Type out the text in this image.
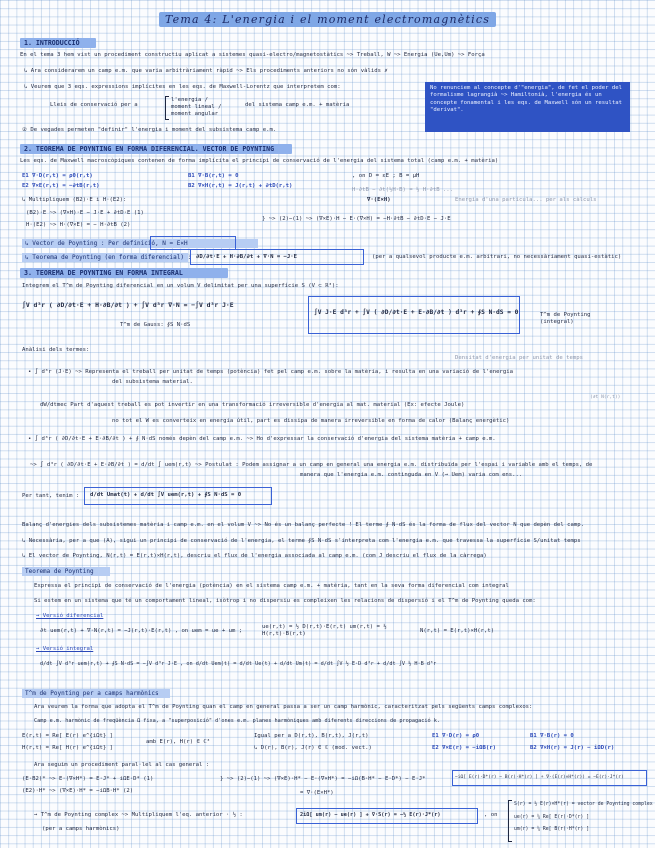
Tema 4: L'energia i el moment electromagnètics
1. INTRODUCCIÓ
En el tema 3 hem vist un procediment constructiu aplicat a sistemes quasi-electro/magnetostàtics ~> Treball, W ~> Energia (Ue,Um) ~> Força
↳ Ara considerarem un camp e.m. que varia arbitràriament ràpid ~> Els procediments anteriors no són vàlids ✗
↳ Veurem que 3 eqs. expressions implícites en les eqs. de Maxwell-Lorentz que interpretem com:
Lleis de conservació per a
l'energia / moment lineal / moment angular
del sistema camp e.m. + matèria
② De vegades permeten "definir" l'energia i moment del subsistema camp e.m.
No renunciem al concepte d'"energia", de fet el poder del formalisme lagrangià ~> Hamiltonià, l'energia és un concepte fonamental i les eqs. de Maxwell són un resultat "derivat".
2. TEOREMA DE POYNTING EN FORMA DIFERENCIAL. VECTOR DE POYNTING
Les eqs. de Maxwell macroscòpiques contenen de forma implícita el principi de conservació de l'energia del sistema total (camp e.m. + matèria)
E1 ∇·D(r,t) = ρ0(r,t)
E2 ∇×E(r,t) = −∂tB(r,t)
B1 ∇·B(r,t) = 0
B2 ∇×H(r,t) = J(r,t) + ∂tD(r,t)
, on D = εE ; B = μH
H·∂tB − ∂t(½H·B) = ½ H·∂tB ...
↳ Multipliquem (B2)·E i H·(E2):	∇·(E×H)	Energia d'una partícula... per als càlculs
(B2)·E ~> (∇×H)·E − J·E + ∂tD·E (1)
H·(E2) ~> H·(∇×E) = − H·∂tB (2)
} ~> (2)−(1) ~> (∇×E)·H − E·(∇×H) = −H·∂tB − ∂tD·E − J·E
↳ Vector de Poynting : Per definició, N = E×H
↳ Teorema de Poynting (en forma diferencial) : ∂D/∂t·E + H·∂B/∂t + ∇·N = −J·E	(per a qualsevol producte e.m. arbitrari, no necessàriament quasi-estàtic)
3. TEOREMA DE POYNTING EN FORMA INTEGRAL
Integrem el T^m de Poynting diferencial en un volum V delimitat per una superfície S (V ⊂ ℝ³):
∫V d³r ( ∂D/∂t·E + H·∂B/∂t ) + ∫V d³r ∇·N = −∫V d³r J·E
T^m de Gauss: ∮S N·dS
∫V J·E d³r + ∫V ( ∂D/∂t·E + E·∂B/∂t ) d³r + ∮S N·dS = 0	T^m de Poynting (integral)
Anàlisi dels termes:
Densitat d'energia per unitat de temps
• ∫ d³r (J·E) ~> Representa el treball per unitat de temps (potència) fet pel camp e.m. sobre la matèria, i resulta en una variació de l'energia
del subsistema material.
dW/dtmec Part d'aquest treball es pot invertir en una transformació irreversible d'energia al mat. material (Ex: efecte Joule)
no tot el W es converteix en energia útil, part es dissipa de manera irreversible en forma de calor (Balanç energètic)
• ∫ d³r ( ∂D/∂t·E + E·∂B/∂t ) + ∮ N·dS només depèn del camp e.m. ~> Ho d'expressar la conservació d'energia del sistema matèria + camp e.m.
~> ∫ d³r ( ∂D/∂t·E + E·∂B/∂t ) = d/dt ∫ uem(r,t) ~> Postulat : Podem assignar a un camp en general una energia e.m. distribuïda per l'espai i variable amb el temps, de
manera que l'energia e.m. continguda en V (→ Uem) varia com ens...
Per tant, tenim : d/dt Umat(t) + d/dt ∫V uem(r,t) + ∮S N·dS = 0
Balanç d'energies dels subsistemes matèria i camp e.m. en el volum V ~> No és un balanç perfecte ! El terme ∮ N·dS és la forma de flux del vector N que depèn del camp.
↳ Necessària, per a que (A), sigui un principi de conservació de l'energia, el terme ∮S N·dS s'interpreta com l'energia e.m. que travessa la superfície S/unitat temps
↳ El vector de Poynting, N(r,t) = E(r,t)×H(r,t), descriu el flux de l'energia associada al camp e.m. (com J descriu el flux de la càrrega)
Teorema de Poynting
Expressa el principi de conservació de l'energia (potència) en el sistema camp e.m. + matèria, tant en la seva forma diferencial com integral
Si estem en un sistema que té un comportament lineal, isòtrop i no dispersiu es compleixen les relacions de dispersió i el T^m de Poynting queda com:
→ Versió diferencial
∂t uem(r,t) + ∇·N(r,t) = −J(r,t)·E(r,t) , on uem = ue + um ;
ue(r,t) = ½ D(r,t)·E(r,t) um(r,t) = ½ H(r,t)·B(r,t)	N(r,t) = E(r,t)×H(r,t)
→ Versió integral
d/dt ∫V d³r uem(r,t) + ∮S N·dS = −∫V d³r J·E , on d/dt Uem(t) = d/dt Ue(t) + d/dt Um(t) = d/dt ∫V ½ E·D d³r + d/dt ∫V ½ H·B d³r
T^m de Poynting per a camps harmònics
Ara veurem la forma que adopta el T^m de Poynting quan el camp en general passa a ser un camp harmònic, caracteritzat pels següents camps complexos:
Camp e.m. harmònic de freqüència Ω fixa, a "superposició" d'ones e.m. planes harmòniques amb diferents direccions de propagació k.
E(r,t) = Re[ E(r) e^{iΩt} ]
H(r,t) = Re[ H(r) e^{iΩt} ]
amb E(r), H(r) ∈ ℂ³
Igual per a D(r,t), B(r,t), J(r,t)
↳ D(r), B(r), J(r) ∈ ℂ (mod. vect.)
E1 ∇·D(r) = ρ0
E2 ∇×E(r) = −iΩB(r)
B1 ∇·B(r) = 0
B2 ∇×H(r) = J(r) − iΩD(r)
Ara seguim un procediment paral·lel al cas general :
(E·B2)* ~> E·(∇×H*) = E·J* + iΩE·D* (1)
(E2)·H* ~> (∇×E)·H* = −iΩB·H* (2)
} ~> (2)−(1) ~> (∇×E)·H* − E·(∇×H*) = −iΩ(B·H* − E·D*) − E·J*
= ∇·(E×H*)
−iΩ[ E(r)·D*(r) − B(r)·H*(r) ] + ∇·(E(r)×H*(r)) = −E(r)·J*(r)
→ T^m de Poynting complex ~> Multipliquem l'eq. anterior · ½ :
(per a camps harmònics)
2iΩ[ um(r) − ue(r) ] + ∇·S(r) = −½ E(r)·J*(r)	, on
S(r) = ½ E(r)×H*(r) = vector de Poynting complex
ue(r) = ¼ Re[ E(r)·D*(r) ]
um(r) = ¼ Re[ B(r)·H*(r) ]
(∂t N(r,t))
